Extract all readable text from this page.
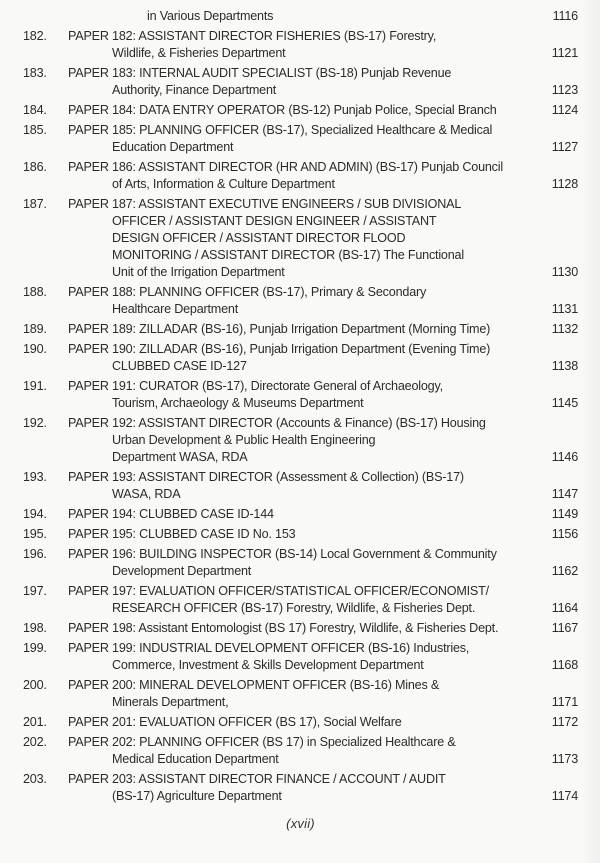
in Various Departments	1116
182.	PAPER 182: ASSISTANT DIRECTOR FISHERIES (BS-17) Forestry,
Wildlife, & Fisheries Department	1121
183.	PAPER 183: INTERNAL AUDIT SPECIALIST (BS-18) Punjab Revenue
Authority, Finance Department	1123
184.	PAPER 184: DATA ENTRY OPERATOR (BS-12) Punjab Police, Special Branch	1124
185.	PAPER 185: PLANNING OFFICER (BS-17), Specialized Healthcare & Medical
Education Department	1127
186.	PAPER 186: ASSISTANT DIRECTOR (HR AND ADMIN) (BS-17) Punjab Council
of Arts, Information & Culture Department	1128
187.	PAPER 187: ASSISTANT EXECUTIVE ENGINEERS / SUB DIVISIONAL
OFFICER / ASSISTANT DESIGN ENGINEER / ASSISTANT
DESIGN OFFICER / ASSISTANT DIRECTOR FLOOD
MONITORING / ASSISTANT DIRECTOR (BS-17) The Functional
Unit of the Irrigation Department	1130
188.	PAPER 188: PLANNING OFFICER (BS-17), Primary & Secondary
Healthcare Department	1131
189.	PAPER 189: ZILLADAR (BS-16), Punjab Irrigation Department (Morning Time)	1132
190.	PAPER 190: ZILLADAR (BS-16), Punjab Irrigation Department (Evening Time)
CLUBBED CASE ID-127	1138
191.	PAPER 191: CURATOR (BS-17), Directorate General of Archaeology,
Tourism, Archaeology & Museums Department	1145
192.	PAPER 192: ASSISTANT DIRECTOR (Accounts & Finance) (BS-17) Housing
Urban Development & Public Health Engineering
Department WASA, RDA	1146
193.	PAPER 193: ASSISTANT DIRECTOR (Assessment & Collection) (BS-17)
WASA, RDA	1147
194.	PAPER 194: CLUBBED CASE ID-144	1149
195.	PAPER 195: CLUBBED CASE ID No. 153	1156
196.	PAPER 196: BUILDING INSPECTOR (BS-14) Local Government & Community
Development Department	1162
197.	PAPER 197: EVALUATION OFFICER/STATISTICAL OFFICER/ECONOMIST/
RESEARCH OFFICER (BS-17) Forestry, Wildlife, & Fisheries Dept.	1164
198.	PAPER 198: Assistant Entomologist (BS 17) Forestry, Wildlife, & Fisheries Dept.	1167
199.	PAPER 199: INDUSTRIAL DEVELOPMENT OFFICER (BS-16) Industries,
Commerce, Investment & Skills Development Department	1168
200.	PAPER 200: MINERAL DEVELOPMENT OFFICER (BS-16) Mines &
Minerals Department,	1171
201.	PAPER 201: EVALUATION OFFICER (BS 17), Social Welfare	1172
202.	PAPER 202: PLANNING OFFICER (BS 17) in Specialized Healthcare &
Medical Education Department	1173
203.	PAPER 203: ASSISTANT DIRECTOR FINANCE / ACCOUNT / AUDIT
(BS-17) Agriculture Department	1174
(xvii)
